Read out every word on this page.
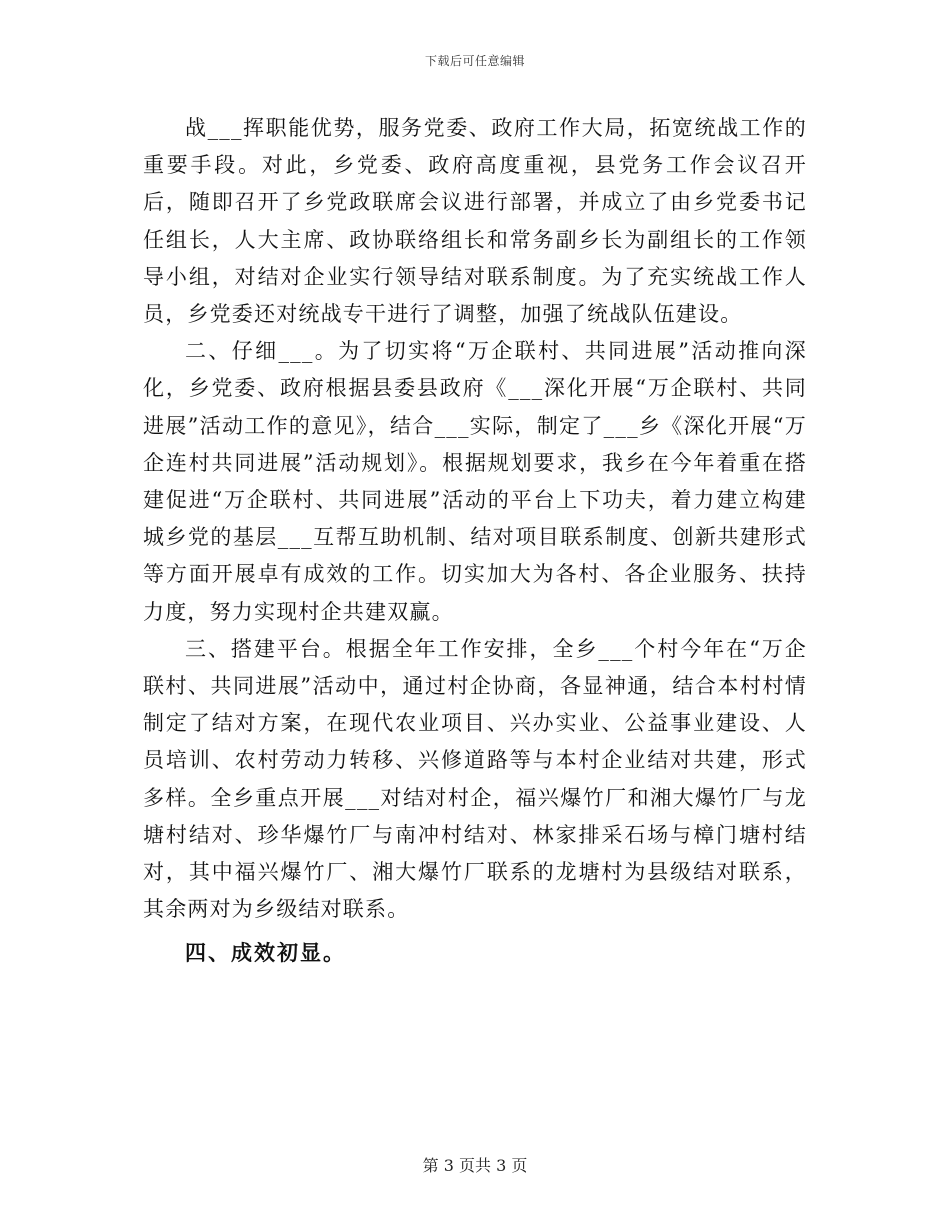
下载后可任意编辑

战___挥职能优势，服务党委、政府工作大局，拓宽统战工作的重要手段。对此，乡党委、政府高度重视，县党务工作会议召开后，随即召开了乡党政联席会议进行部署，并成立了由乡党委书记任组长，人大主席、政协联络组长和常务副乡长为副组长的工作领导小组，对结对企业实行领导结对联系制度。为了充实统战工作人员，乡党委还对统战专干进行了调整，加强了统战队伍建设。

二、仔细___。为了切实将“万企联村、共同进展”活动推向深化，乡党委、政府根据县委县政府《___深化开展“万企联村、共同进展”活动工作的意见》，结合___实际，制定了___乡《深化开展“万企连村共同进展”活动规划》。根据规划要求，我乡在今年着重在搭建促进“万企联村、共同进展”活动的平台上下功夫，着力建立构建城乡党的基层___互帮互助机制、结对项目联系制度、创新共建形式等方面开展卓有成效的工作。切实加大为各村、各企业服务、扶持力度，努力实现村企共建双赢。

三、搭建平台。根据全年工作安排，全乡___个村今年在“万企联村、共同进展”活动中，通过村企协商，各显神通，结合本村村情制定了结对方案，在现代农业项目、兴办实业、公益事业建设、人员培训、农村劳动力转移、兴修道路等与本村企业结对共建，形式多样。全乡重点开展___对结对村企，福兴爆竹厂和湘大爆竹厂与龙塘村结对、珍华爆竹厂与南冲村结对、林家排采石场与樟门塘村结对，其中福兴爆竹厂、湘大爆竹厂联系的龙塘村为县级结对联系，其余两对为乡级结对联系。

四、成效初显。

第 3 页共 3 页
